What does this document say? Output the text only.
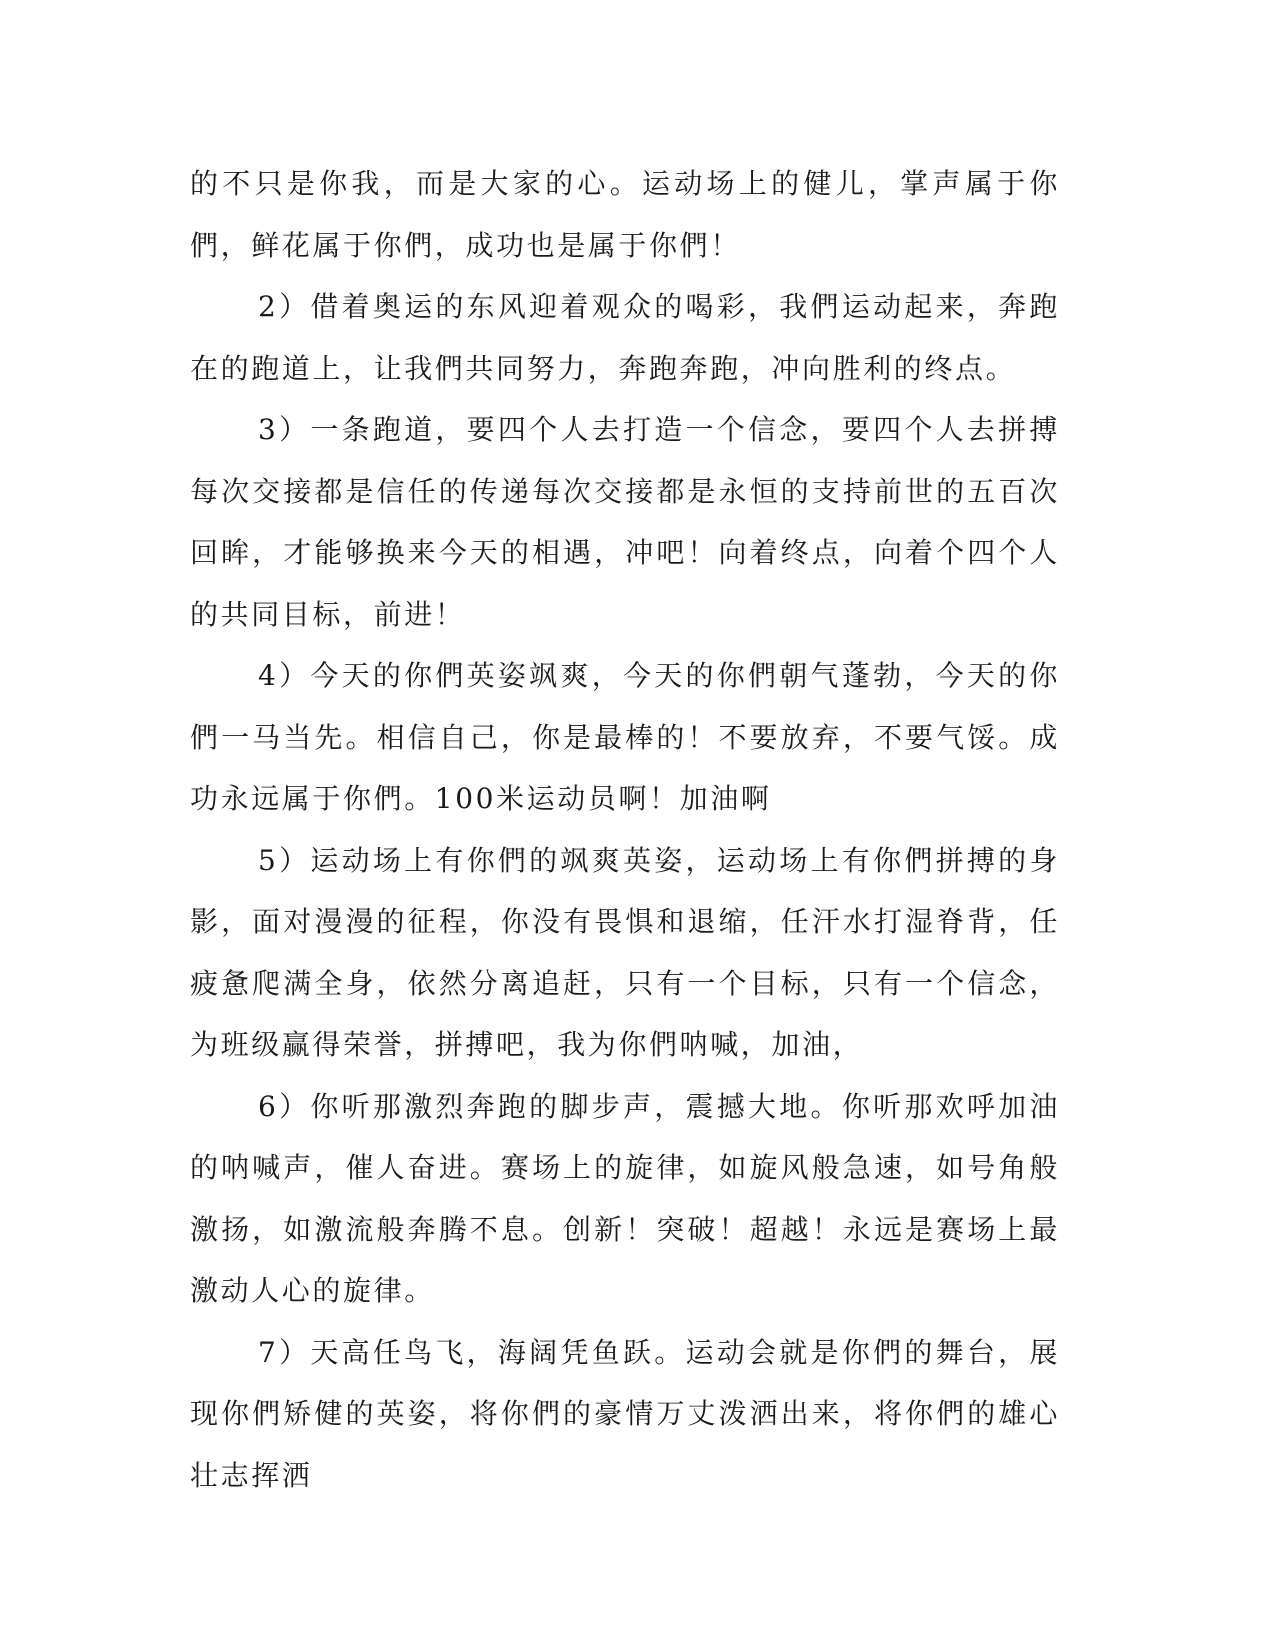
的不只是你我，而是大家的心。运动场上的健儿，掌声属于你們，鲜花属于你們，成功也是属于你們！

2）借着奥运的东风迎着观众的喝彩，我們运动起来，奔跑在的跑道上，让我們共同努力，奔跑奔跑，冲向胜利的终点。

3）一条跑道，要四个人去打造一个信念，要四个人去拼搏每次交接都是信任的传递每次交接都是永恒的支持前世的五百次回眸，才能够换来今天的相遇，冲吧！向着终点，向着个四个人的共同目标，前进！

4）今天的你們英姿飒爽，今天的你們朝气蓬勃，今天的你們一马当先。相信自己，你是最棒的！不要放弃，不要气馁。成功永远属于你們。100米运动员啊！加油啊

5）运动场上有你們的飒爽英姿，运动场上有你們拼搏的身影，面对漫漫的征程，你没有畏惧和退缩，任汗水打湿脊背，任疲惫爬满全身，依然分离追赶，只有一个目标，只有一个信念，为班级赢得荣誉，拼搏吧，我为你們呐喊，加油，

6）你听那激烈奔跑的脚步声，震撼大地。你听那欢呼加油的呐喊声，催人奋进。赛场上的旋律，如旋风般急速，如号角般激扬，如激流般奔腾不息。创新！突破！超越！永远是赛场上最激动人心的旋律。

7）天高任鸟飞，海阔凭鱼跃。运动会就是你們的舞台，展现你們矫健的英姿，将你們的豪情万丈泼洒出来，将你們的雄心壮志挥洒
